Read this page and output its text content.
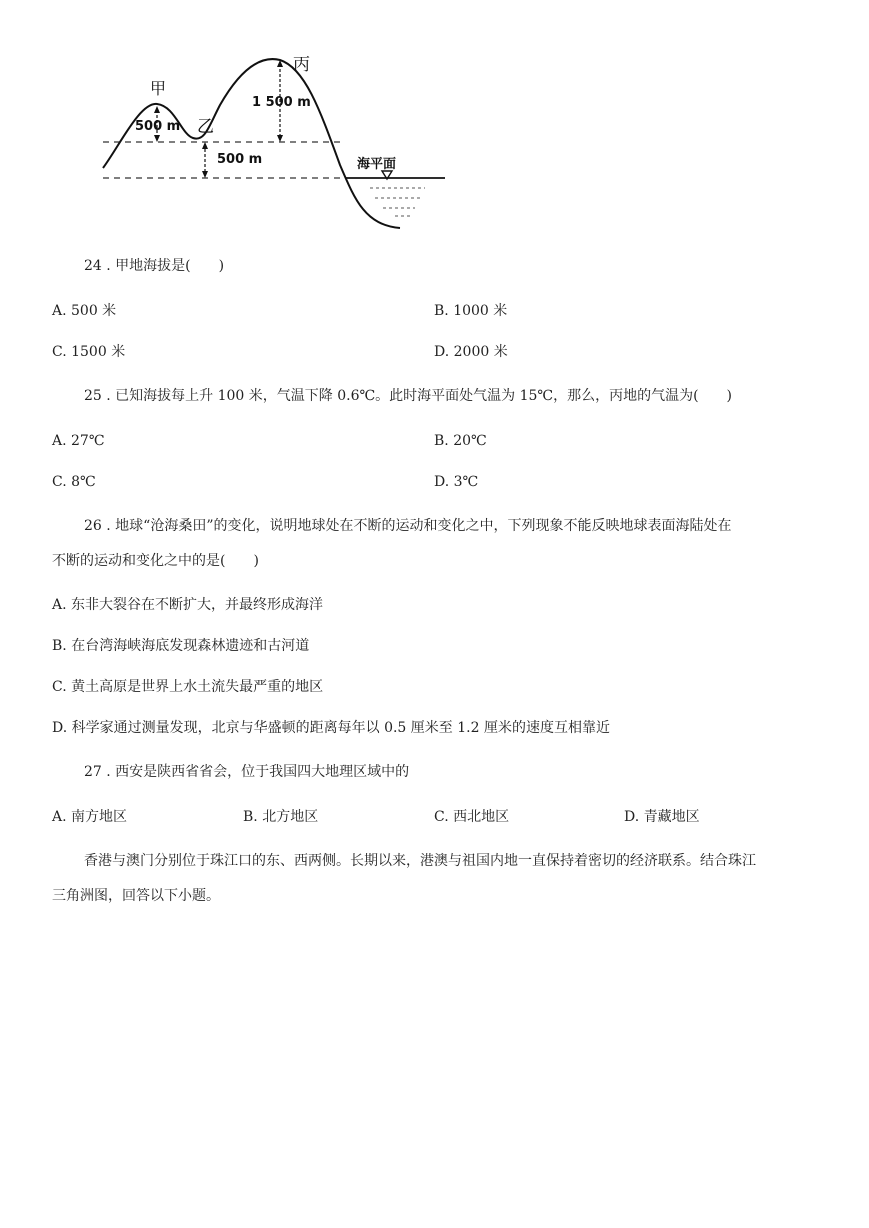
甲
乙
丙
500 m
500 m
1 500 m
海平面
24 . 甲地海拔是(　　)
A. 500 米	B. 1000 米
C. 1500 米	D. 2000 米
25 . 已知海拔每上升 100 米，气温下降 0.6℃。此时海平面处气温为 15℃，那么，丙地的气温为(　　)
A. 27℃	B. 20℃
C. 8℃	D. 3℃
26 . 地球“沧海桑田”的变化，说明地球处在不断的运动和变化之中，下列现象不能反映地球表面海陆处在
不断的运动和变化之中的是(　　)
A. 东非大裂谷在不断扩大，并最终形成海洋
B. 在台湾海峡海底发现森林遗迹和古河道
C. 黄土高原是世界上水土流失最严重的地区
D. 科学家通过测量发现，北京与华盛顿的距离每年以 0.5 厘米至 1.2 厘米的速度互相靠近
27 . 西安是陕西省省会，位于我国四大地理区域中的
A. 南方地区	B. 北方地区	C. 西北地区	D. 青藏地区
香港与澳门分别位于珠江口的东、西两侧。长期以来，港澳与祖国内地一直保持着密切的经济联系。结合珠江
三角洲图，回答以下小题。
